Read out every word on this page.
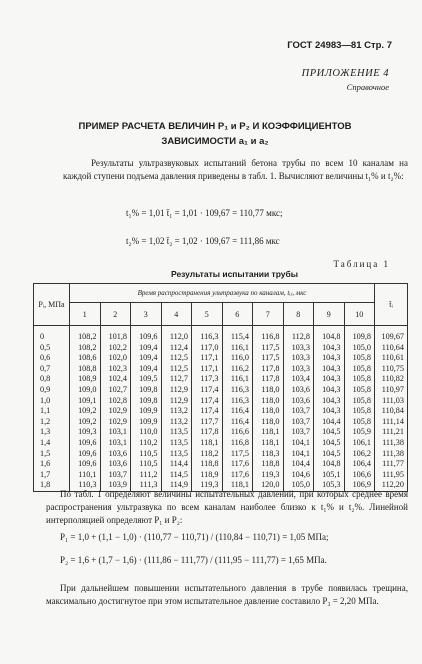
ГОСТ 24983—81 Стр. 7
ПРИЛОЖЕНИЕ 4
Справочное
ПРИМЕР РАСЧЕТА ВЕЛИЧИН P₁ и P₂ И КОЭФФИЦИЕНТОВ
ЗАВИСИМОСТИ a₁ и a₂
Результаты ультразвуковых испытаний бетона трубы по всем 10 каналам на каждой ступени подъема давления приведены в табл. 1. Вычисляют величины t₁% и t₂%:
t₁% = 1,01 t̄₁ = 1,01 · 109,67 = 110,77 мкс;
t₂% = 1,02 t̄₂ = 1,02 · 109,67 = 111,86 мкс
Таблица 1
Результаты испытании трубы
Pᵢ, МПа	Время распространения ультразвука по каналам, tᵢⱼ, мкс										t̄ᵢ
	1	2	3	4	5	6	7	8	9	10	
0	108,2	101,8	109,6	112,0	116,3	115,4	116,8	112,8	104,8	109,8	109,67
0,5	108,2	102,2	109,4	112,4	117,0	116,1	117,5	103,3	104,3	105,0	110,64
0,6	108,6	102,0	109,4	112,5	117,1	116,0	117,5	103,3	104,3	105,8	110,61
0,7	108,8	102,3	109,4	112,5	117,1	116,2	117,8	103,3	104,3	105,8	110,75
0,8	108,9	102,4	109,5	112,7	117,3	116,1	117,8	103,4	104,3	105,8	110,82
0,9	109,0	102,7	109,8	112,9	117,4	116,3	118,0	103,6	104,3	105,8	110,97
1,0	109,1	102,8	109,8	112,9	117,4	116,3	118,0	103,6	104,3	105,8	111,03
1,1	109,2	102,9	109,9	113,2	117,4	116,4	118,0	103,7	104,3	105,8	110,84
1,2	109,2	102,9	109,9	113,2	117,7	116,4	118,0	103,7	104,4	105,8	111,14
1,3	109,3	103,1	110,0	113,5	117,8	116,6	118,1	103,7	104,5	105,9	111,21
1,4	109,6	103,1	110,2	113,5	118,1	116,8	118,1	104,1	104,5	106,1	111,38
1,5	109,6	103,6	110,5	113,5	118,2	117,5	118,3	104,1	104,5	106,2	111,38
1,6	109,6	103,6	110,5	114,4	118,8	117,6	118,8	104,4	104,8	106,4	111,77
1,7	110,1	103,7	111,2	114,5	118,9	117,6	119,3	104,6	105,1	106,6	111,95
1,8	110,3	103,9	111,3	114,9	119,3	118,1	120,0	105,0	105,3	106,9	112,20
По табл. 1 определяют величины испытательных давлений, при которых среднее время распространения ультразвука по всем каналам наиболее близко к t₁% и t₂%. Линейной интерполяцией определяют P₁ и P₂:
P₁ = 1,0 + (1,1 − 1,0) · (110,77 − 110,71) / (110,84 − 110,71) = 1,05 МПа;
P₂ = 1,6 + (1,7 − 1,6) · (111,86 − 111,77) / (111,95 − 111,77) = 1,65 МПа.
При дальнейшем повышении испытательного давления в трубе появилась трещина, максимально достигнутое при этом испытательное давление составило P₃ = 2,20 МПа.
